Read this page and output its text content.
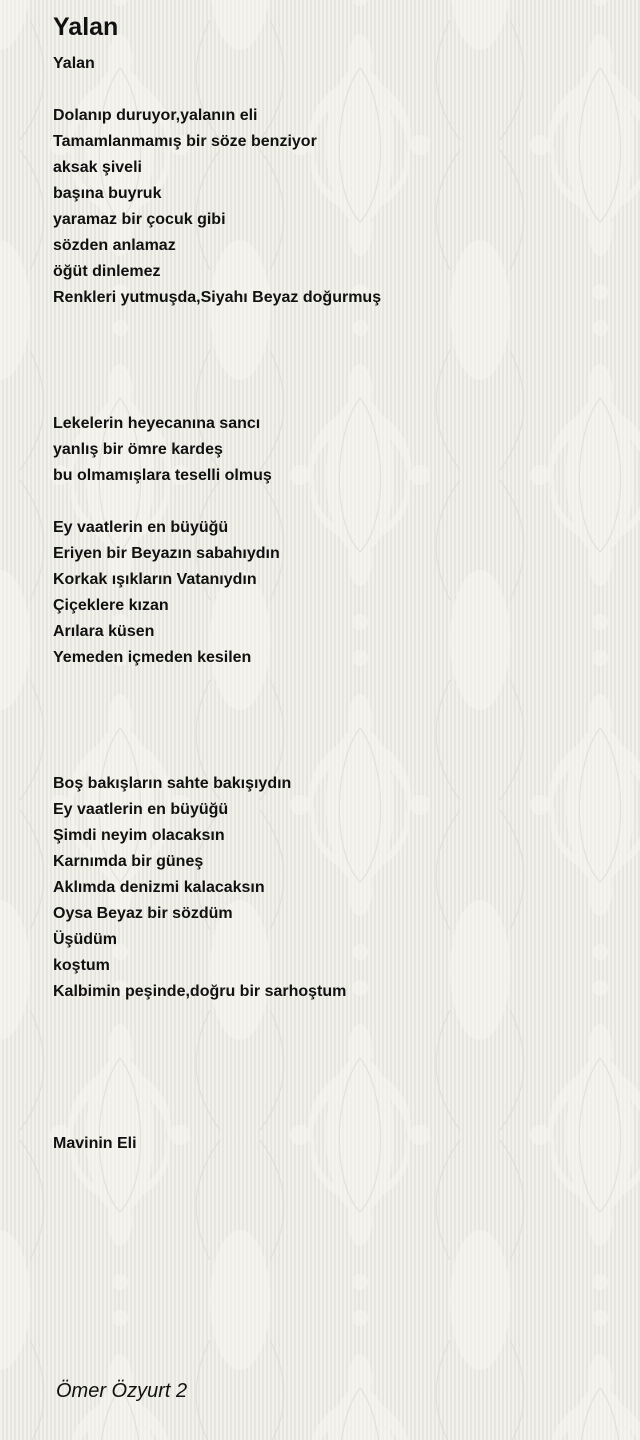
Yalan
Yalan
Dolanıp duruyor,yalanın eli
Tamamlanmamış bir söze benziyor
aksak şiveli
başına buyruk
yaramaz bir çocuk gibi
sözden anlamaz
öğüt dinlemez
Renkleri yutmuşda,Siyahı Beyaz doğurmuş
Lekelerin heyecanına sancı
yanlış bir ömre kardeş
bu olmamışlara teselli olmuş
Ey vaatlerin en büyüğü
Eriyen bir Beyazın sabahıydın
Korkak ışıkların Vatanıydın
Çiçeklere kızan
Arılara küsen
Yemeden içmeden kesilen
Boş bakışların sahte bakışıydın
Ey vaatlerin en büyüğü
Şimdi neyim olacaksın
Karnımda bir güneş
Aklımda denizmi kalacaksın
Oysa Beyaz bir sözdüm
Üşüdüm
koştum
Kalbimin peşinde,doğru bir sarhoştum
Mavinin Eli
Ömer Özyurt 2
